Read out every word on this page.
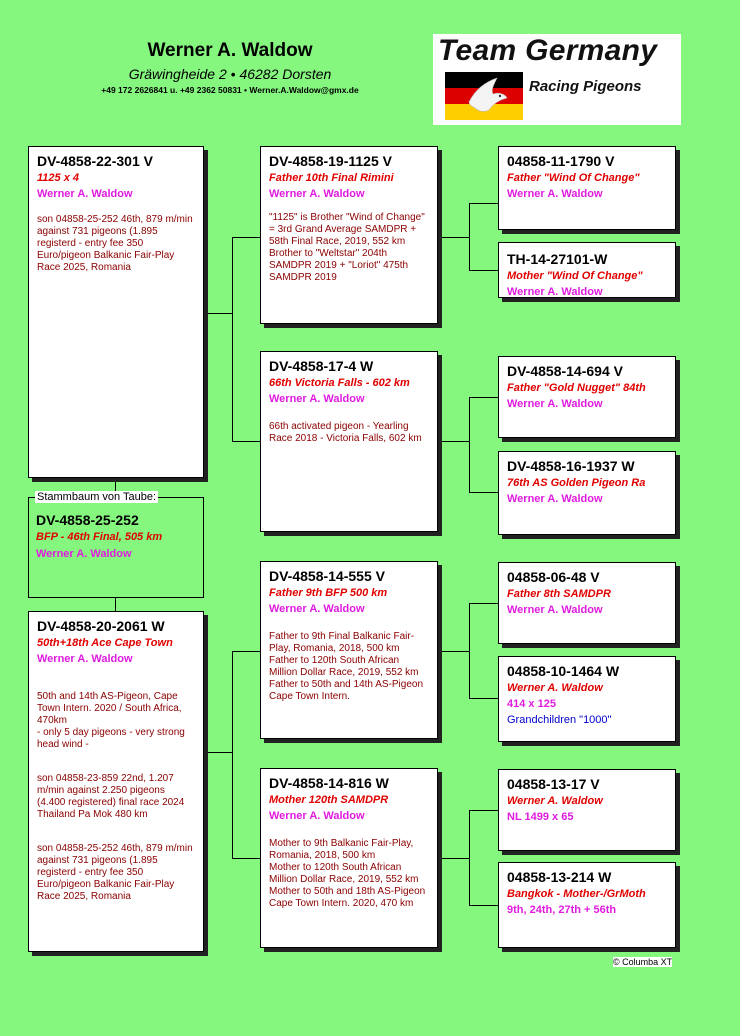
Werner A. Waldow
Gräwingheide 2 • 46282 Dorsten
+49 172 2626841 u. +49 2362 50831 • Werner.A.Waldow@gmx.de
Team Germany
Racing Pigeons
Stammbaum von Taube:
DV-4858-25-252
BFP - 46th Final, 505 km
Werner A. Waldow
DV-4858-22-301 V
1125 x 4
Werner A. Waldow

son 04858-25-252 46th, 879 m/min against 731 pigeons (1.895 registerd - entry fee 350 Euro/pigeon Balkanic Fair-Play Race 2025, Romania

DV-4858-20-2061 W
50th+18th Ace Cape Town
Werner A. Waldow

50th and 14th AS-Pigeon, Cape Town Intern. 2020 / South Africa, 470km
- only 5 day pigeons - very strong head wind -

son 04858-23-859 22nd, 1.207 m/min against 2.250 pigeons (4.400 registered) final race 2024 Thailand Pa Mok 480 km

son 04858-25-252 46th, 879 m/min against 731 pigeons (1.895 registerd - entry fee 350 Euro/pigeon Balkanic Fair-Play Race 2025, Romania

DV-4858-19-1125 V
Father 10th Final Rimini
Werner A. Waldow
"1125" is Brother "Wind of Change" = 3rd Grand Average SAMDPR + 58th Final Race, 2019, 552 km
Brother to "Weltstar" 204th SAMDPR 2019 + "Loriot" 475th SAMDPR 2019
DV-4858-17-4 W
66th Victoria Falls - 602 km
Werner A. Waldow
66th activated pigeon - Yearling Race 2018 - Victoria Falls, 602 km
DV-4858-14-555 V
Father 9th BFP 500 km
Werner A. Waldow
Father to 9th Final Balkanic Fair-Play, Romania, 2018, 500 km
Father to 120th South African Million Dollar Race, 2019, 552 km
Father to 50th and 14th AS-Pigeon Cape Town Intern.
DV-4858-14-816 W
Mother 120th SAMDPR
Werner A. Waldow
Mother to 9th Balkanic Fair-Play, Romania, 2018, 500 km
Mother to 120th South African Million Dollar Race, 2019, 552 km
Mother to 50th and 18th AS-Pigeon Cape Town Intern. 2020, 470 km
04858-11-1790 V
Father "Wind Of Change"
Werner A. Waldow
TH-14-27101-W
Mother "Wind Of Change"
Werner A. Waldow
DV-4858-14-694 V
Father "Gold Nugget" 84th
Werner A. Waldow
DV-4858-16-1937 W
76th AS Golden Pigeon Ra
Werner A. Waldow
04858-06-48 V
Father 8th SAMDPR
Werner A. Waldow
04858-10-1464 W
Werner A. Waldow
414 x 125
Grandchildren "1000"
04858-13-17 V
Werner A. Waldow
NL 1499 x 65
04858-13-214 W
Bangkok - Mother-/GrMoth
9th, 24th, 27th + 56th
© Columba XT
